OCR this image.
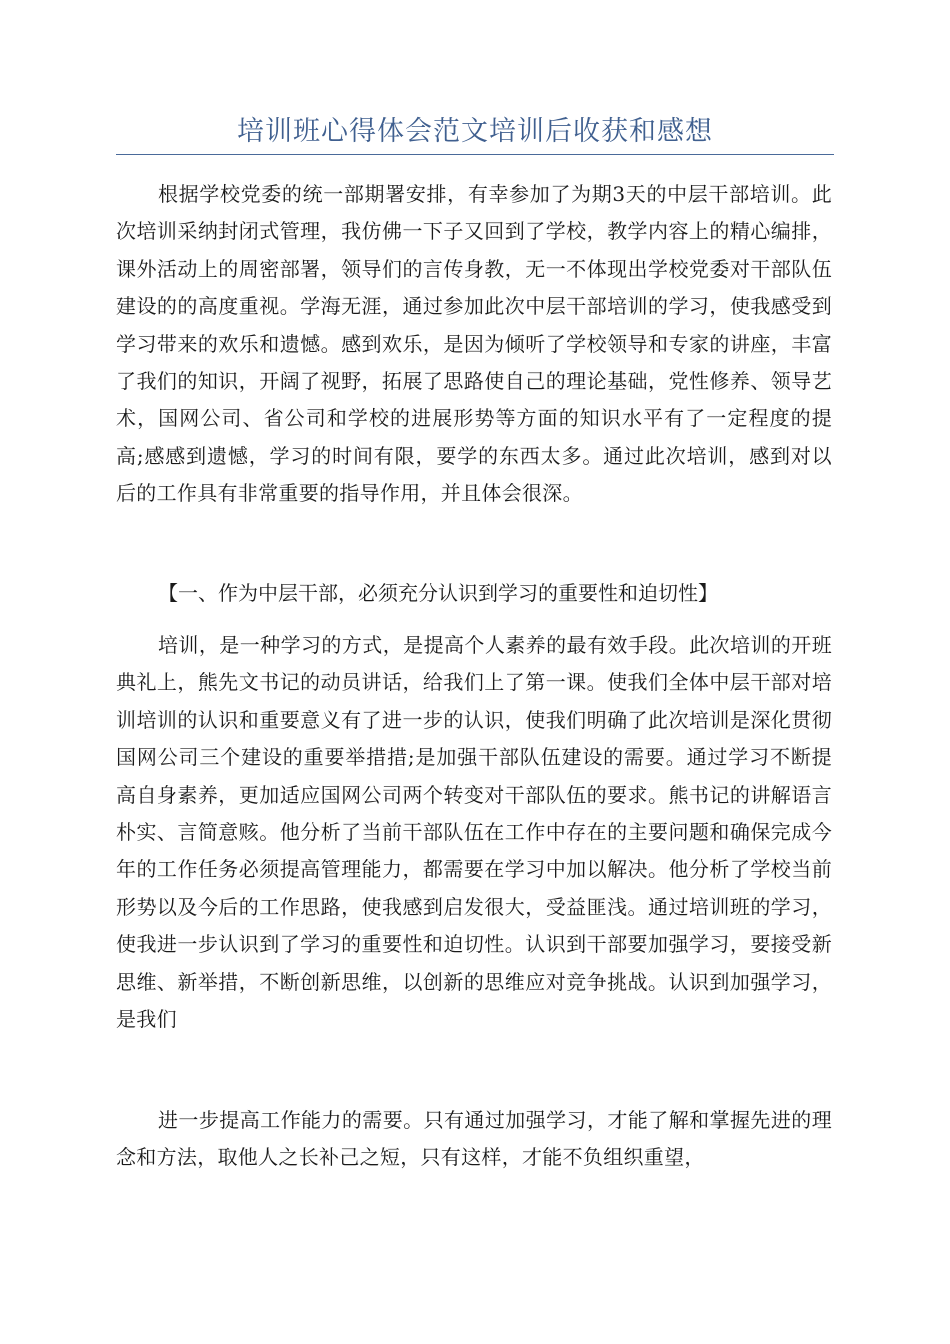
培训班心得体会范文培训后收获和感想

根据学校党委的统一部期署安排，有幸参加了为期3天的中层干部培训。此次培训采纳封闭式管理，我仿佛一下子又回到了学校，教学内容上的精心编排，课外活动上的周密部署，领导们的言传身教，无一不体现出学校党委对干部队伍建设的的高度重视。学海无涯，通过参加此次中层干部培训的学习，使我感受到学习带来的欢乐和遗憾。感到欢乐，是因为倾听了学校领导和专家的讲座，丰富了我们的知识，开阔了视野，拓展了思路使自己的理论基础，党性修养、领导艺术，国网公司、省公司和学校的进展形势等方面的知识水平有了一定程度的提高;感感到遗憾，学习的时间有限，要学的东西太多。通过此次培训，感到对以后的工作具有非常重要的指导作用，并且体会很深。

【一、作为中层干部，必须充分认识到学习的重要性和迫切性】

培训，是一种学习的方式，是提高个人素养的最有效手段。此次培训的开班典礼上，熊先文书记的动员讲话，给我们上了第一课。使我们全体中层干部对培训培训的认识和重要意义有了进一步的认识，使我们明确了此次培训是深化贯彻国网公司三个建设的重要举措措;是加强干部队伍建设的需要。通过学习不断提高自身素养，更加适应国网公司两个转变对干部队伍的要求。熊书记的讲解语言朴实、言简意赅。他分析了当前干部队伍在工作中存在的主要问题和确保完成今年的工作任务必须提高管理能力，都需要在学习中加以解决。他分析了学校当前形势以及今后的工作思路，使我感到启发很大，受益匪浅。通过培训班的学习，使我进一步认识到了学习的重要性和迫切性。认识到干部要加强学习，要接受新思维、新举措，不断创新思维，以创新的思维应对竞争挑战。认识到加强学习，是我们

进一步提高工作能力的需要。只有通过加强学习，才能了解和掌握先进的理念和方法，取他人之长补己之短，只有这样，才能不负组织重望，
